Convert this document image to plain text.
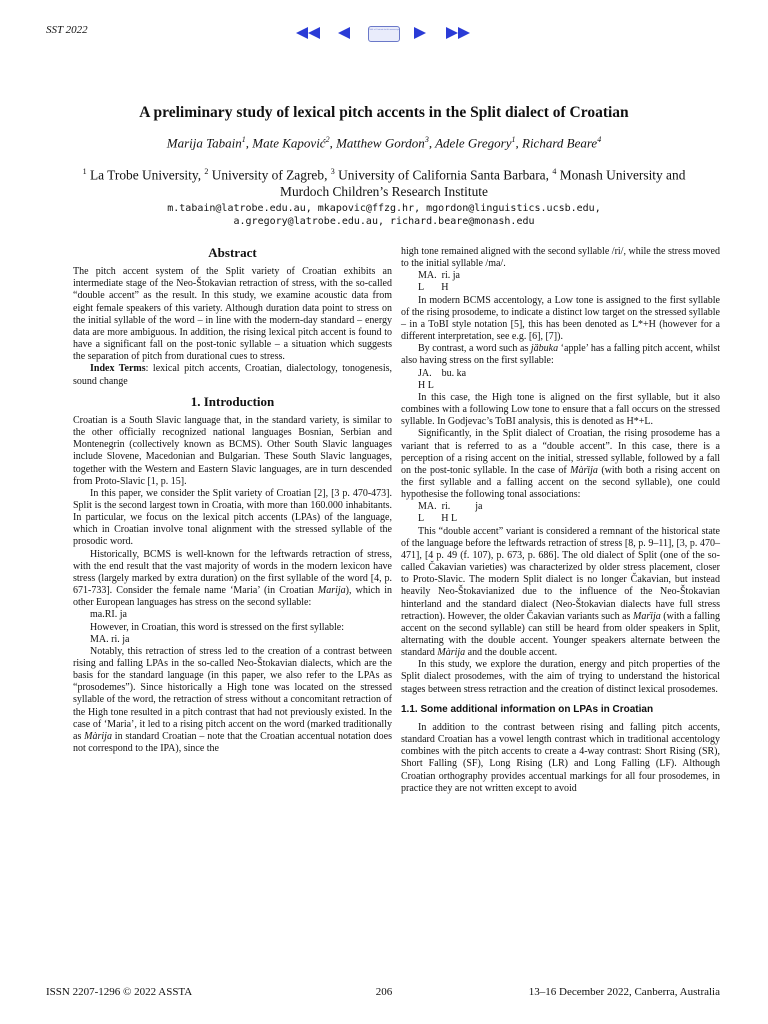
SST 2022	Table of Contents for this manuscript
A preliminary study of lexical pitch accents in the Split dialect of Croatian
Marija Tabain$^1$, Mate Kapović$^2$, Matthew Gordon$^3$, Adele Gregory$^1$, Richard Beare$^4$
$^1$ La Trobe University, $^2$ University of Zagreb, $^3$ University of California Santa Barbara, $^4$ Monash University and Murdoch Children’s Research Institute
m.tabain@latrobe.edu.au, mkapovic@ffzg.hr, mgordon@linguistics.ucsb.edu,
a.gregory@latrobe.edu.au, richard.beare@monash.edu
Abstract

The pitch accent system of the Split variety of Croatian exhibits an intermediate stage of the Neo-Štokavian retraction of stress, with the so-called “double accent” as the result. In this study, we examine acoustic data from eight female speakers of this variety. Although duration data point to stress on the initial syllable of the word – in line with the modern-day standard – energy data are more ambiguous. In addition, the rising lexical pitch accent is found to have a significant fall on the post-tonic syllable – a situation which suggests the separation of pitch from durational cues to stress.

Index Terms: lexical pitch accents, Croatian, dialectology, tonogenesis, sound change

1. Introduction

Croatian is a South Slavic language that, in the standard variety, is similar to the other officially recognized national languages Bosnian, Serbian and Montenegrin (collectively known as BCMS). Other South Slavic languages include Slovene, Macedonian and Bulgarian. These South Slavic languages, together with the Western and Eastern Slavic languages, are in turn descended from Proto-Slavic [1, p. 15].

In this paper, we consider the Split variety of Croatian [2], [3 p. 470-473]. Split is the second largest town in Croatia, with more than 160.000 inhabitants. In particular, we focus on the lexical pitch accents (LPAs) of the language, which in Croatian involve tonal alignment with the stressed syllable of the prosodic word.

Historically, BCMS is well-known for the leftwards retraction of stress, with the end result that the vast majority of words in the modern lexicon have stress (largely marked by extra duration) on the first syllable of the word [4, p. 671-733]. Consider the female name ‘Maria’ (in Croatian Marija), which in other European languages has stress on the second syllable:

ma.RI. ja

However, in Croatian, this word is stressed on the first syllable:

MA. ri. ja

Notably, this retraction of stress led to the creation of a contrast between rising and falling LPAs in the so-called Neo-Štokavian dialects, which are the basis for the standard language (in this paper, we also refer to the LPAs as “prosodemes”). Since historically a High tone was located on the stressed syllable of the word, the retraction of stress without a concomitant retraction of the High tone resulted in a pitch contrast that had not previously existed. In the case of ‘Maria’, it led to a rising pitch accent on the word (marked traditionally as Màrija in standard Croatian – note that the Croatian accentual notation does not correspond to the IPA), since the

high tone remained aligned with the second syllable /ri/, while the stress moved to the initial syllable /ma/.

MA.  ri. ja
L       H

In modern BCMS accentology, a Low tone is assigned to the first syllable of the rising prosodeme, to indicate a distinct low target on the stressed syllable – in a ToBI style notation [5], this has been denoted as L*+H (however for a different interpretation, see e.g. [6], [7]).

By contrast, a word such as jȁbuka ‘apple’ has a falling pitch accent, whilst also having stress on the first syllable:

JA.    bu. ka
H L

In this case, the High tone is aligned on the first syllable, but it also combines with a following Low tone to ensure that a fall occurs on the stressed syllable. In Godjevac’s ToBI analysis, this is denoted as H*+L.

Significantly, in the Split dialect of Croatian, the rising prosodeme has a variant that is referred to as a “double accent”. In this case, there is a perception of a rising accent on the initial, stressed syllable, followed by a fall on the post-tonic syllable. In the case of Màrȉja (with both a rising accent on the first syllable and a falling accent on the second syllable), one could hypothesise the following tonal associations:

MA.  ri.          ja
L       H L

This “double accent” variant is considered a remnant of the historical state of the language before the leftwards retraction of stress [8, p. 9–11], [3, p. 470–471], [4 p. 49 (f. 107), p. 673, p. 686]. The old dialect of Split (one of the so-called Čakavian varieties) was characterized by older stress placement, closer to Proto-Slavic. The modern Split dialect is no longer Čakavian, but instead heavily Neo-Štokavianized due to the influence of the Neo-Štokavian hinterland and the standard dialect (Neo-Štokavian dialects have full stress retraction). However, the older Čakavian variants such as Marȉja (with a falling accent on the second syllable) can still be heard from older speakers in Split, alternating with the double accent. Younger speakers alternate between the standard Màrija and the double accent.

In this study, we explore the duration, energy and pitch properties of the Split dialect prosodemes, with the aim of trying to understand the historical stages between stress retraction and the creation of distinct lexical prosodemes.

1.1. Some additional information on LPAs in Croatian

In addition to the contrast between rising and falling pitch accents, standard Croatian has a vowel length contrast which in traditional accentology combines with the pitch accents to create a 4-way contrast: Short Rising (SR), Short Falling (SF), Long Rising (LR) and Long Falling (LF). Although Croatian orthography provides accentual markings for all four prosodemes, in practice they are not written except to avoid

ISSN 2207-1296 © 2022 ASSTA	206	13–16 December 2022, Canberra, Australia
